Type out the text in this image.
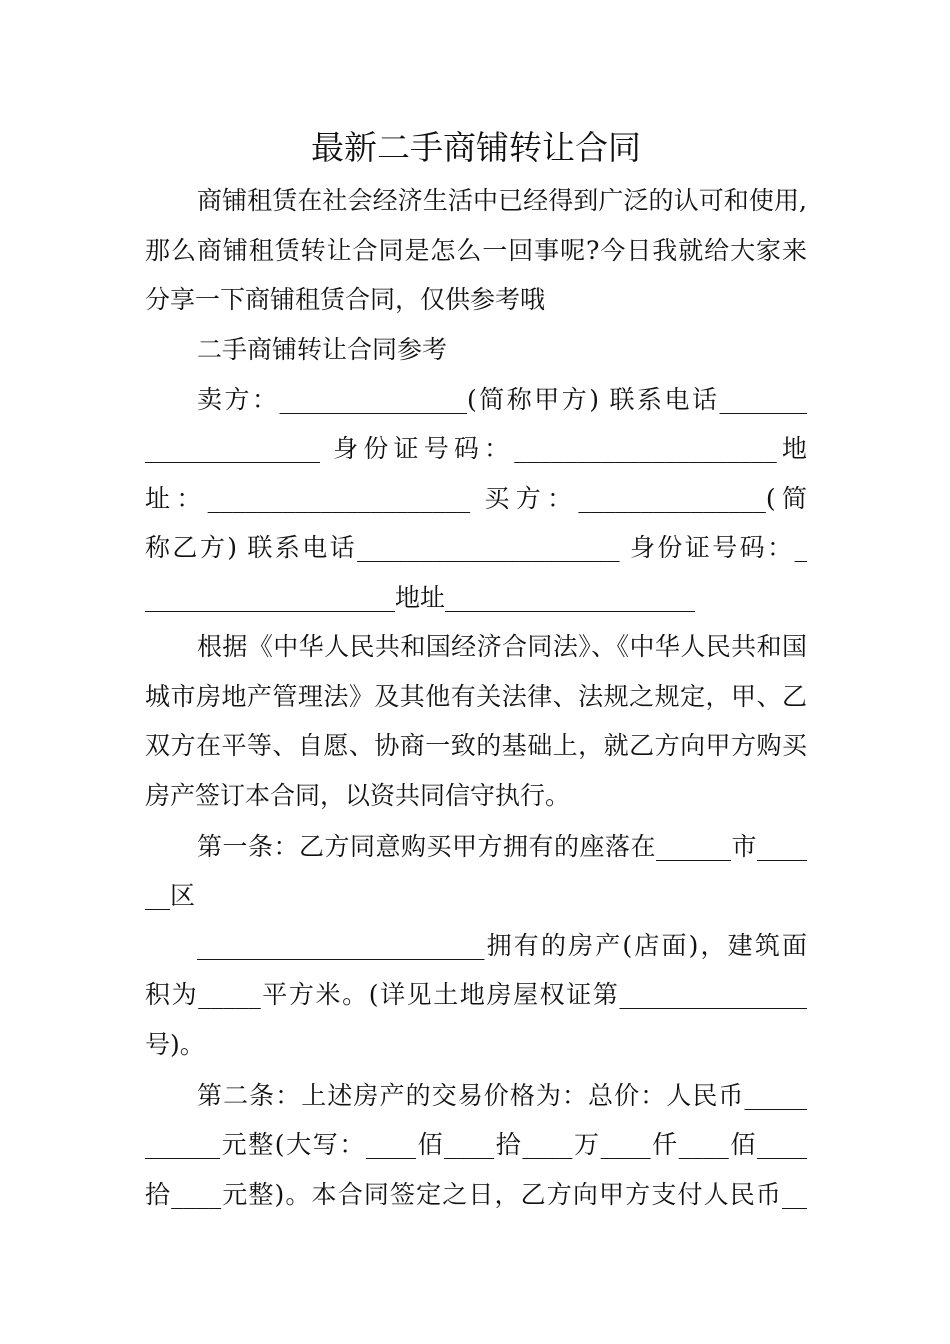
最新二手商铺转让合同

商铺租赁在社会经济生活中已经得到广泛的认可和使用,那么商铺租赁转让合同是怎么一回事呢?今日我就给大家来分享一下商铺租赁合同，仅供参考哦

二手商铺转让合同参考

卖方：_______________(简称甲方) 联系电话_______

______________ 身份证号码：_____________________地

址：_____________________ 买方：_______________(简

称乙方) 联系电话_____________________ 身份证号码：_

____________________地址____________________

根据《中华人民共和国经济合同法》、《中华人民共和国城市房地产管理法》及其他有关法律、法规之规定，甲、乙双方在平等、自愿、协商一致的基础上，就乙方向甲方购买房产签订本合同，以资共同信守执行。

第一条：乙方同意购买甲方拥有的座落在______市____

__区

_______________________拥有的房产(店面)，建筑面

积为_____平方米。(详见土地房屋权证第_______________

号)。

第二条：上述房产的交易价格为：总价：人民币_____

______元整(大写：____佰____拾____万____仟____佰____

拾____元整)。本合同签定之日，乙方向甲方支付人民币__
